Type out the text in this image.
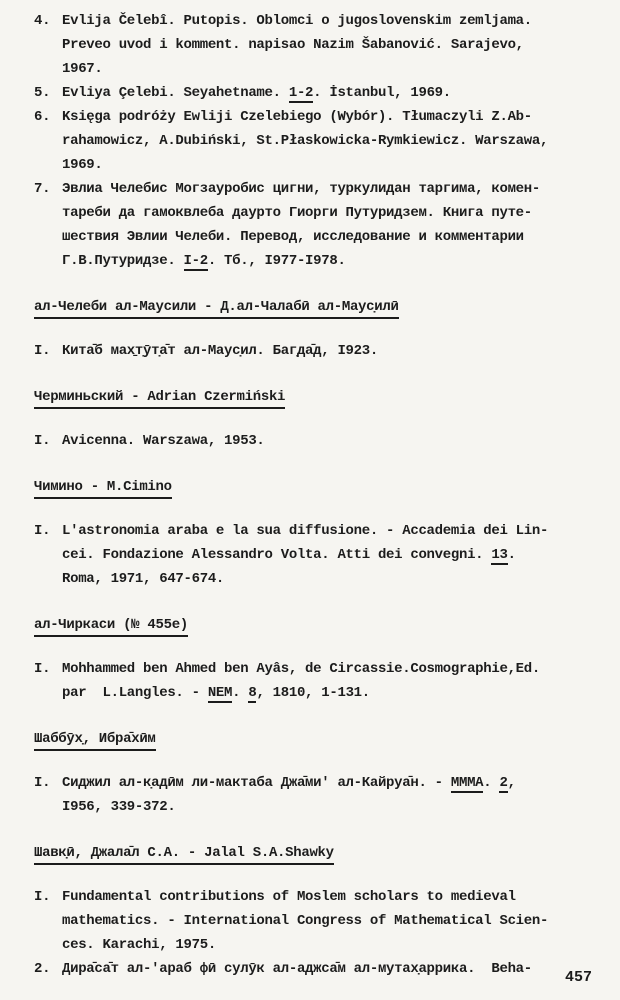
4. Evlija Čelebî. Putopis. Oblomci o jugoslovenskim zemljama.
Preveo uvod i komment. napisao Nazim Šabanović. Sarajevo,
1967.
5. Evliya Çelebi. Seyahetname. 1-2. İstanbul, 1969.
6. Księga podróży Ewliji Czelebiego (Wybór). Tłumaczyli Z.Ab-
rahamowicz, A.Dubiński, St.Płaskowicka-Rymkiewicz. Warszawa,
1969.
7. Эвлиа Челебис Могзауробис цигни, туркулидан таргима, комен-
тареби да гамоквлеба даурто Гиорги Путуридзем. Книга путе-
шествия Эвлии Челеби. Перевод, исследование и комментарии
Г.В.Путуридзе. I-2. Тб., I977-I978.
ал-Челеби ал-Маусили - Д.ал-Чалабӣ ал-Маус̣илӣ
I. Кита̄б мах̱т̣ӯт̣а̄т ал-Маус̣ил. Баг̣да̄д, I923.
Черминьский - Adrian Czermiński
I. Avicenna. Warszawa, 1953.
Чимино - M.Cimino
I. L'astronomia araba e la sua diffusione. - Accademia dei Lin-
cei. Fondazione Alessandro Volta. Atti dei convegni. 13.
Roma, 1971, 647-674.
ал-Чиркаси (№ 455e)
I. Mohhammed ben Ahmed ben Ayâs, de Circassie.Cosmographie,Ed.
par  L.Langles. - NEM. 8, 1810, 1-131.
Шаббӯх̣, Ибра̄хӣм
I. Сиджил ал-к̣адӣм ли-мактаба Джа̄ми' ал-Кайруа̄н. - MMMA. 2,
I956, 339-372.
Шавк̣ӣ, Джала̄л С.А. - Jalal S.A.Shawky
I. Fundamental contributions of Moslem scholars to medieval
mathematics. - International Congress of Mathematical Scien-
ces. Karachi, 1975.
2. Дира̄са̄т ал-'араб фӣ сулӯк ал-аджса̄м ал-мутах̣аррика.  Beha-	457
